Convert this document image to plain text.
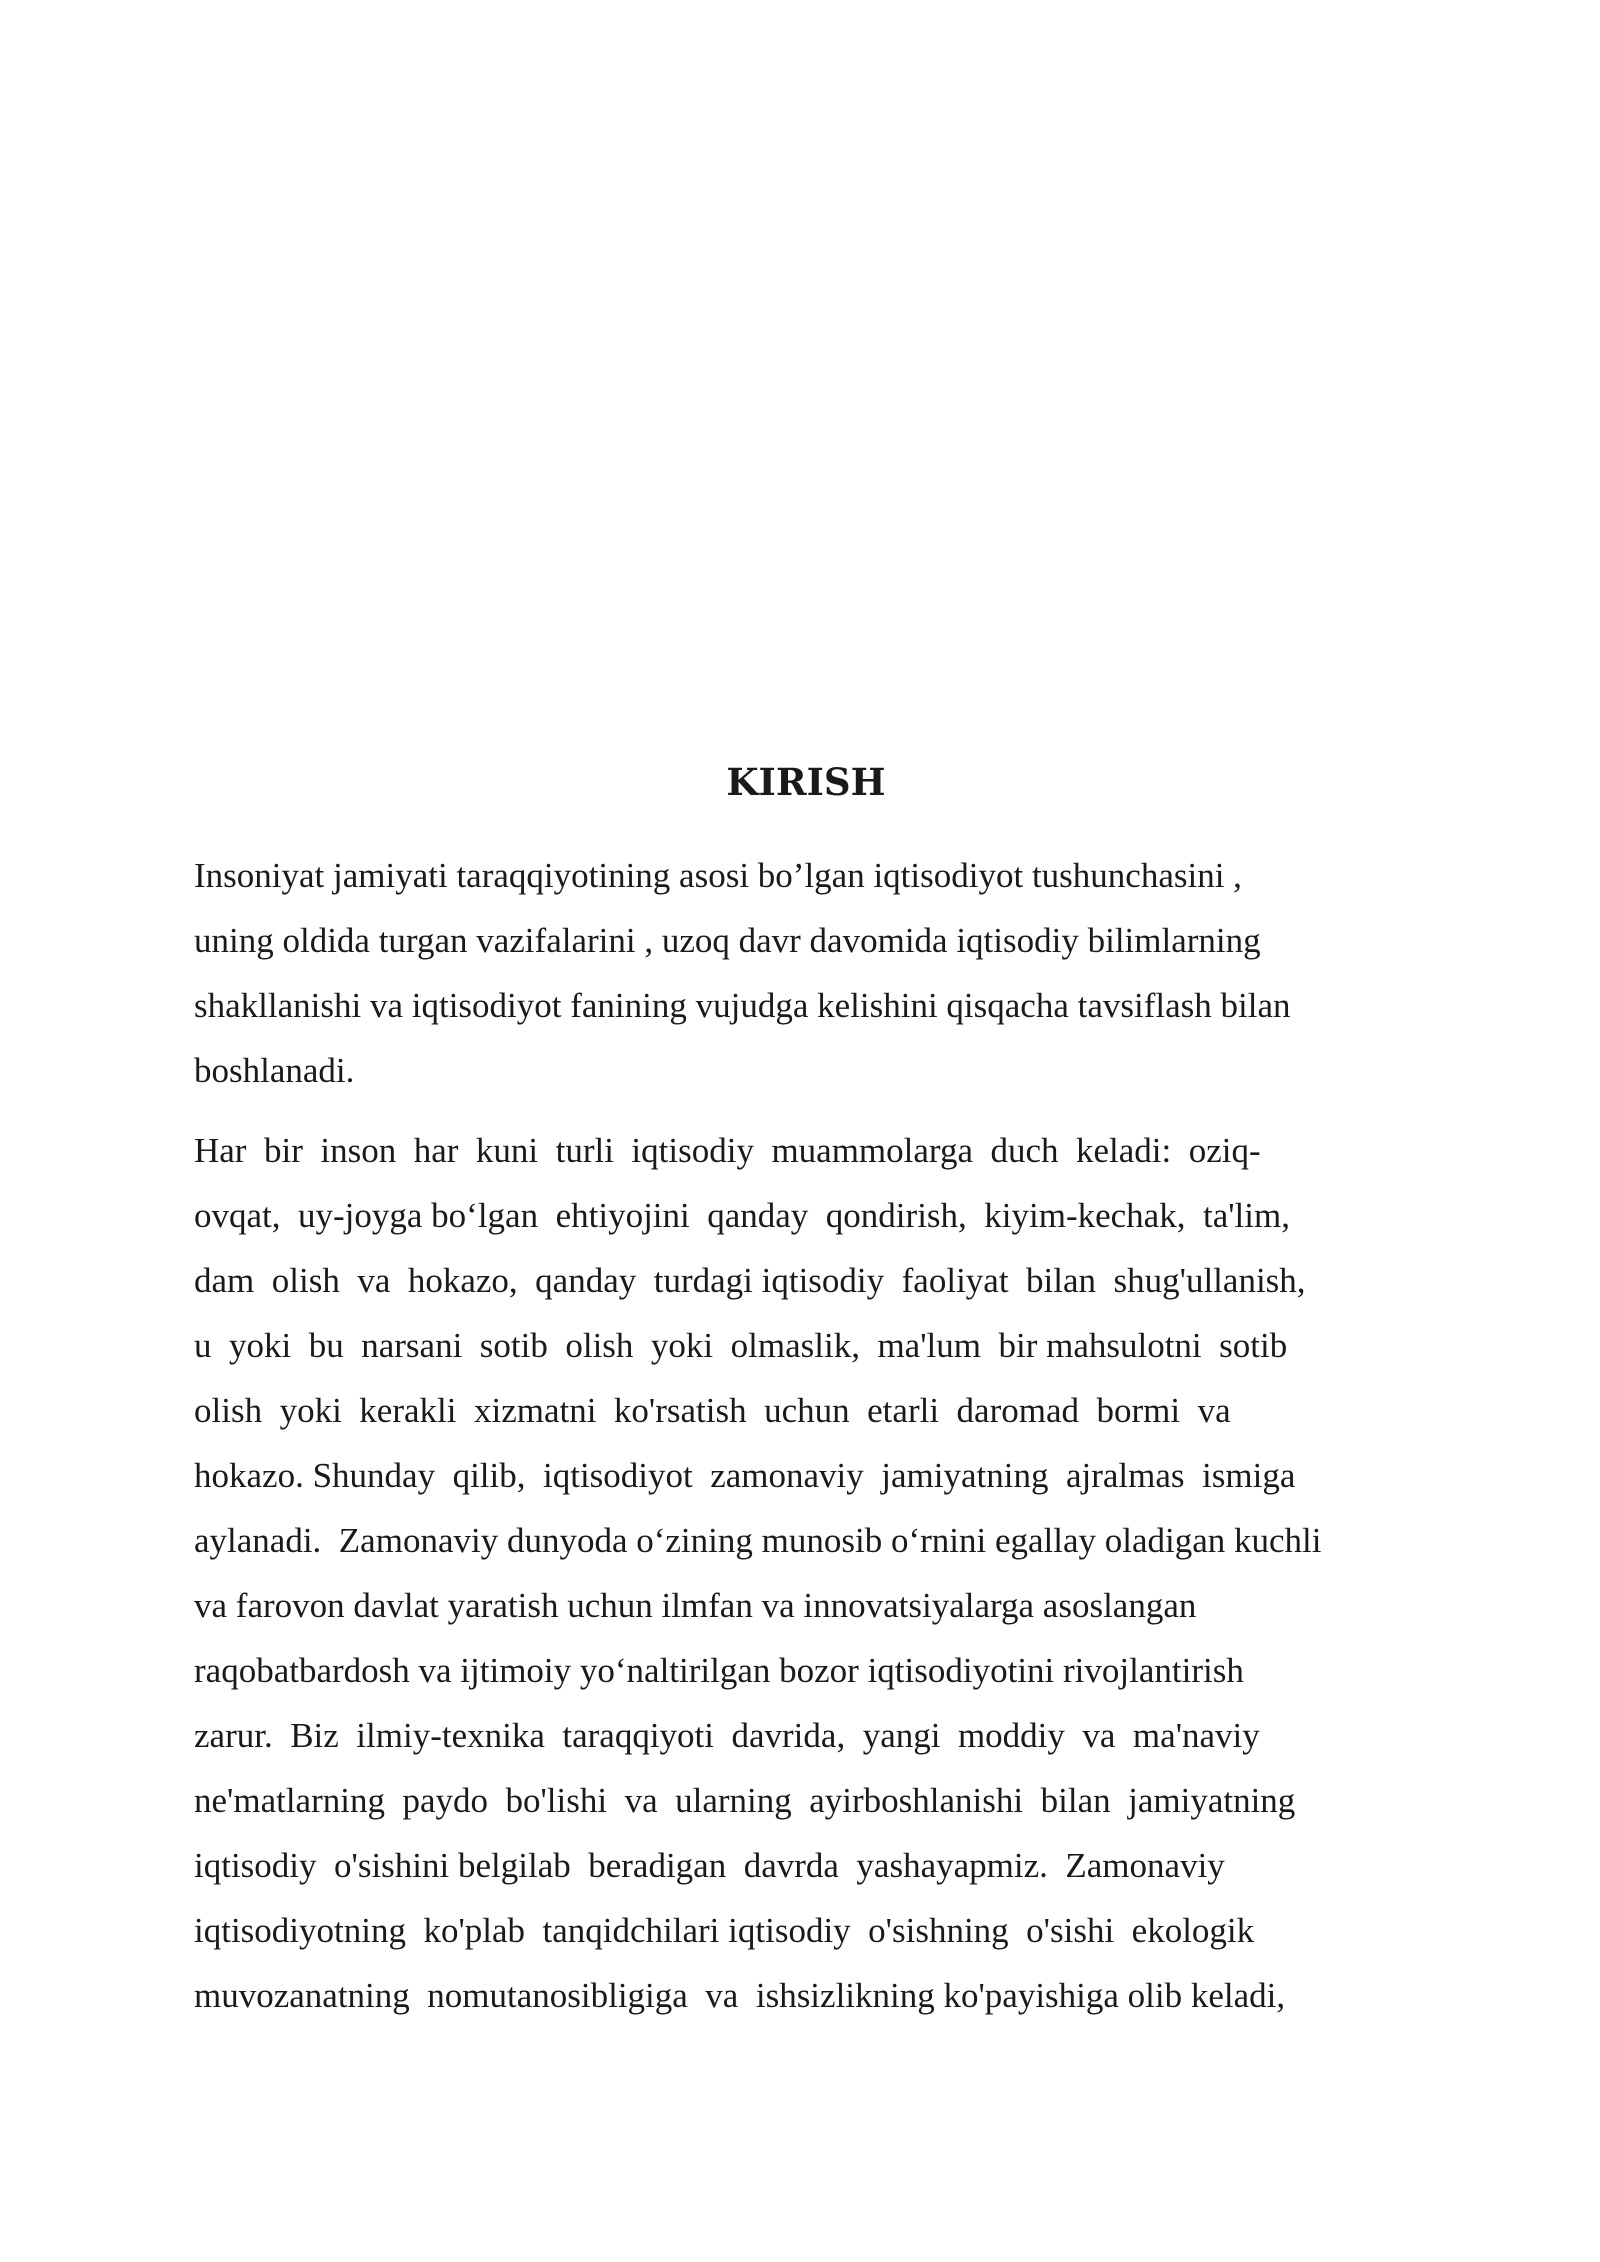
KIRISH

Insoniyat jamiyati taraqqiyotining asosi bo’lgan iqtisodiyot tushunchasini ,

uning oldida turgan vazifalarini , uzoq davr davomida iqtisodiy bilimlarning

shakllanishi va iqtisodiyot fanining vujudga kelishini qisqacha tavsiflash bilan

boshlanadi.

Har  bir  inson  har  kuni  turli  iqtisodiy  muammolarga  duch  keladi:  oziq-

ovqat,  uy-joyga bo‘lgan  ehtiyojini  qanday  qondirish,  kiyim-kechak,  ta'lim,

dam  olish  va  hokazo,  qanday  turdagi iqtisodiy  faoliyat  bilan  shug'ullanish,

u  yoki  bu  narsani  sotib  olish  yoki  olmaslik,  ma'lum  bir mahsulotni  sotib

olish  yoki  kerakli  xizmatni  ko'rsatish  uchun  etarli  daromad  bormi  va

hokazo. Shunday  qilib,  iqtisodiyot  zamonaviy  jamiyatning  ajralmas  ismiga

aylanadi.  Zamonaviy dunyoda o‘zining munosib o‘rnini egallay oladigan kuchli

va farovon davlat yaratish uchun ilmfan va innovatsiyalarga asoslangan

raqobatbardosh va ijtimoiy yo‘naltirilgan bozor iqtisodiyotini rivojlantirish

zarur.  Biz  ilmiy-texnika  taraqqiyoti  davrida,  yangi  moddiy  va  ma'naviy

ne'matlarning  paydo  bo'lishi  va  ularning  ayirboshlanishi  bilan  jamiyatning

iqtisodiy  o'sishini belgilab  beradigan  davrda  yashayapmiz.  Zamonaviy

iqtisodiyotning  ko'plab  tanqidchilari iqtisodiy  o'sishning  o'sishi  ekologik

muvozanatning  nomutanosibligiga  va  ishsizlikning ko'payishiga olib keladi,
